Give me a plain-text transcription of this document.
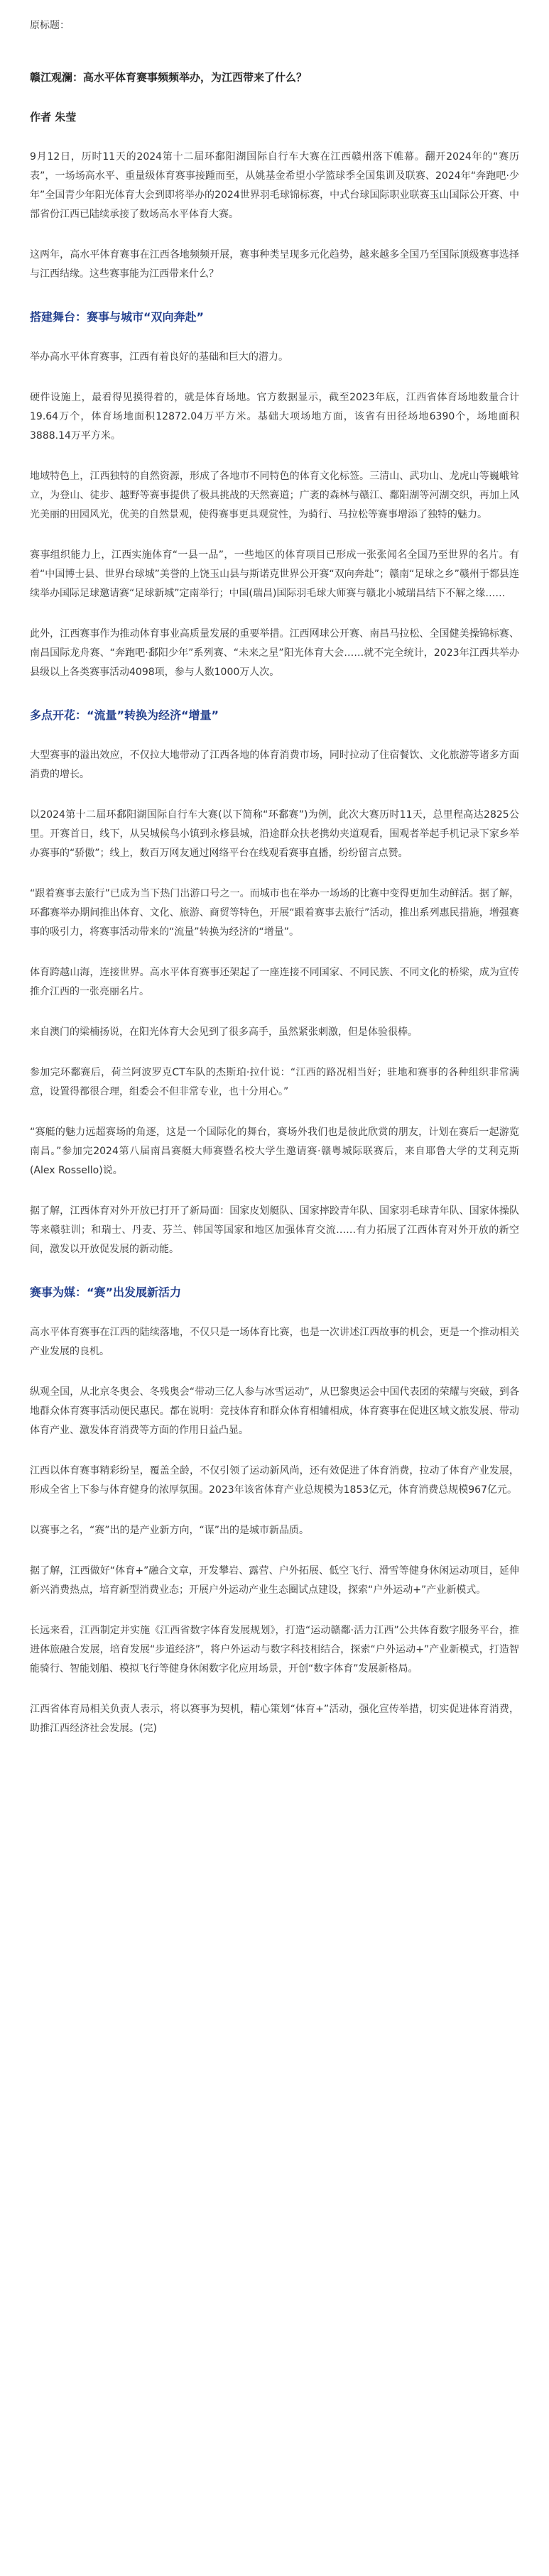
原标题：
赣江观澜：高水平体育赛事频频举办，为江西带来了什么？
作者 朱莹

9月12日，历时11天的2024第十二届环鄱阳湖国际自行车大赛在江西赣州落下帷幕。翻开2024年的“赛历表”，一场场高水平、重量级体育赛事接踵而至，从姚基金希望小学篮球季全国集训及联赛、2024年“奔跑吧·少年”全国青少年阳光体育大会到即将举办的2024世界羽毛球锦标赛，中式台球国际职业联赛玉山国际公开赛、中部省份江西已陆续承接了数场高水平体育大赛。

这两年，高水平体育赛事在江西各地频频开展，赛事种类呈现多元化趋势，越来越多全国乃至国际顶级赛事选择与江西结缘。这些赛事能为江西带来什么？

搭建舞台：赛事与城市“双向奔赴”

举办高水平体育赛事，江西有着良好的基础和巨大的潜力。

硬件设施上，最看得见摸得着的，就是体育场地。官方数据显示，截至2023年底，江西省体育场地数量合计19.64万个，体育场地面积12872.04万平方米。基础大项场地方面，该省有田径场地6390个，场地面积3888.14万平方米。

地域特色上，江西独特的自然资源，形成了各地市不同特色的体育文化标签。三清山、武功山、龙虎山等巍峨耸立，为登山、徒步、越野等赛事提供了极具挑战的天然赛道；广袤的森林与赣江、鄱阳湖等河湖交织，再加上风光美丽的田园风光，优美的自然景观，使得赛事更具观赏性，为骑行、马拉松等赛事增添了独特的魅力。

赛事组织能力上，江西实施体育“一县一品”，一些地区的体育项目已形成一张张闻名全国乃至世界的名片。有着“中国博士县、世界台球城”美誉的上饶玉山县与斯诺克世界公开赛“双向奔赴”；赣南“足球之乡”赣州于都县连续举办国际足球邀请赛“足球新城”定南举行；中国(瑞昌)国际羽毛球大师赛与赣北小城瑞昌结下不解之缘……

此外，江西赛事作为推动体育事业高质量发展的重要举措。江西网球公开赛、南昌马拉松、全国健美操锦标赛、南昌国际龙舟赛、“奔跑吧·鄱阳少年”系列赛、“未来之星”阳光体育大会……就不完全统计，2023年江西共举办县级以上各类赛事活动4098项，参与人数1000万人次。

多点开花：“流量”转换为经济“增量”

大型赛事的溢出效应，不仅拉大地带动了江西各地的体育消费市场，同时拉动了住宿餐饮、文化旅游等诸多方面消费的增长。

以2024第十二届环鄱阳湖国际自行车大赛(以下简称“环鄱赛”)为例，此次大赛历时11天，总里程高达2825公里。开赛首日，线下，从吴城候鸟小镇到永修县城，沿途群众扶老携幼夹道观看，围观者举起手机记录下家乡举办赛事的“骄傲”；线上，数百万网友通过网络平台在线观看赛事直播，纷纷留言点赞。

“跟着赛事去旅行”已成为当下热门出游口号之一。而城市也在举办一场场的比赛中变得更加生动鲜活。据了解，环鄱赛举办期间推出体育、文化、旅游、商贸等特色，开展“跟着赛事去旅行”活动，推出系列惠民措施，增强赛事的吸引力，将赛事活动带来的“流量”转换为经济的“增量”。

体育跨越山海，连接世界。高水平体育赛事还架起了一座连接不同国家、不同民族、不同文化的桥梁，成为宣传推介江西的一张亮丽名片。

来自澳门的梁楠扬说，在阳光体育大会见到了很多高手，虽然紧张刺激，但是体验很棒。

参加完环鄱赛后，荷兰阿波罗克CT车队的杰斯珀·拉什说：“江西的路况相当好；驻地和赛事的各种组织非常满意，设置得都很合理，组委会不但非常专业，也十分用心。”

“赛艇的魅力远超赛场的角逐，这是一个国际化的舞台，赛场外我们也是彼此欣赏的朋友，计划在赛后一起游览南昌。”参加完2024第八届南昌赛艇大师赛暨名校大学生邀请赛·赣粤城际联赛后，来自耶鲁大学的艾利克斯(Alex Rossello)说。

据了解，江西体育对外开放已打开了新局面：国家皮划艇队、国家摔跤青年队、国家羽毛球青年队、国家体操队等来赣驻训；和瑞士、丹麦、芬兰、韩国等国家和地区加强体育交流……有力拓展了江西体育对外开放的新空间，激发以开放促发展的新动能。

赛事为媒：“赛”出发展新活力

高水平体育赛事在江西的陆续落地，不仅只是一场体育比赛，也是一次讲述江西故事的机会，更是一个推动相关产业发展的良机。

纵观全国，从北京冬奥会、冬残奥会“带动三亿人参与冰雪运动”，从巴黎奥运会中国代表团的荣耀与突破，到各地群众体育赛事活动便民惠民。都在说明：竞技体育和群众体育相辅相成，体育赛事在促进区域文旅发展、带动体育产业、激发体育消费等方面的作用日益凸显。

江西以体育赛事精彩纷呈，覆盖全龄，不仅引领了运动新风尚，还有效促进了体育消费，拉动了体育产业发展，形成全省上下参与体育健身的浓厚氛围。2023年该省体育产业总规模为1853亿元，体育消费总规模967亿元。

以赛事之名，“赛”出的是产业新方向，“谋”出的是城市新品质。

据了解，江西做好“体育+”融合文章，开发攀岩、露营、户外拓展、低空飞行、滑雪等健身休闲运动项目，延伸新兴消费热点，培育新型消费业态；开展户外运动产业生态圈试点建设，探索“户外运动+”产业新模式。

长远来看，江西制定并实施《江西省数字体育发展规划》，打造“运动赣鄱·活力江西”公共体育数字服务平台，推进体旅融合发展，培育发展“步道经济”，将户外运动与数字科技相结合，探索“户外运动+”产业新模式，打造智能骑行、智能划船、模拟飞行等健身休闲数字化应用场景，开创“数字体育”发展新格局。

江西省体育局相关负责人表示，将以赛事为契机，精心策划“体育+”活动，强化宣传举措，切实促进体育消费，助推江西经济社会发展。(完)
